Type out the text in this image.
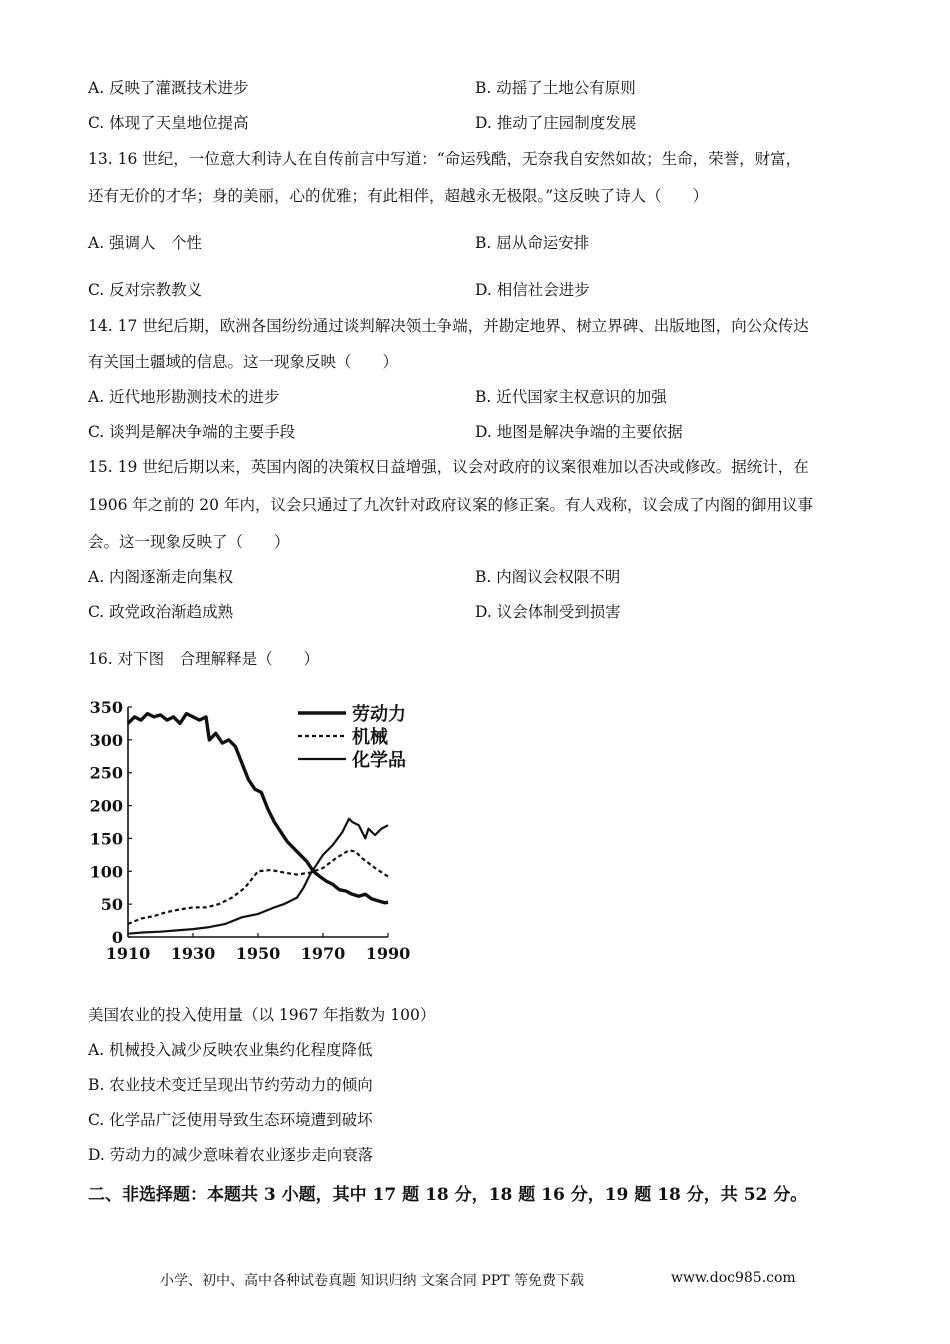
A. 反映了灌溉技术进步	B. 动摇了土地公有原则
C. 体现了天皇地位提高	D. 推动了庄园制度发展
13. 16 世纪，一位意大利诗人在自传前言中写道：“命运残酷，无奈我自安然如故；生命，荣誉，财富，
还有无价的才华；身的美丽，心的优雅；有此相伴，超越永无极限。”这反映了诗人（　　）
A. 强调人　个性	B. 屈从命运安排
C. 反对宗教教义	D. 相信社会进步
14. 17 世纪后期，欧洲各国纷纷通过谈判解决领土争端，并勘定地界、树立界碑、出版地图，向公众传达
有关国土疆域的信息。这一现象反映（　　）
A. 近代地形勘测技术的进步	B. 近代国家主权意识的加强
C. 谈判是解决争端的主要手段	D. 地图是解决争端的主要依据
15. 19 世纪后期以来，英国内阁的决策权日益增强，议会对政府的议案很难加以否决或修改。据统计，在
1906 年之前的 20 年内，议会只通过了九次针对政府议案的修正案。有人戏称，议会成了内阁的御用议事
会。这一现象反映了（　　）
A. 内阁逐渐走向集权	B. 内阁议会权限不明
C. 政党政治渐趋成熟	D. 议会体制受到损害
16. 对下图　合理解释是（　　）
0
50
100
150
200
250
300
350
1910 1930 1950 1970 1990
劳动力
机械
化学品
美国农业的投入使用量（以 1967 年指数为 100）
A. 机械投入减少反映农业集约化程度降低
B. 农业技术变迁呈现出节约劳动力的倾向
C. 化学品广泛使用导致生态环境遭到破坏
D. 劳动力的减少意味着农业逐步走向衰落
二、非选择题：本题共 3 小题，其中 17 题 18 分，18 题 16 分，19 题 18 分，共 52 分。
小学、初中、高中各种试卷真题 知识归纳 文案合同 PPT 等免费下载	www.doc985.com
